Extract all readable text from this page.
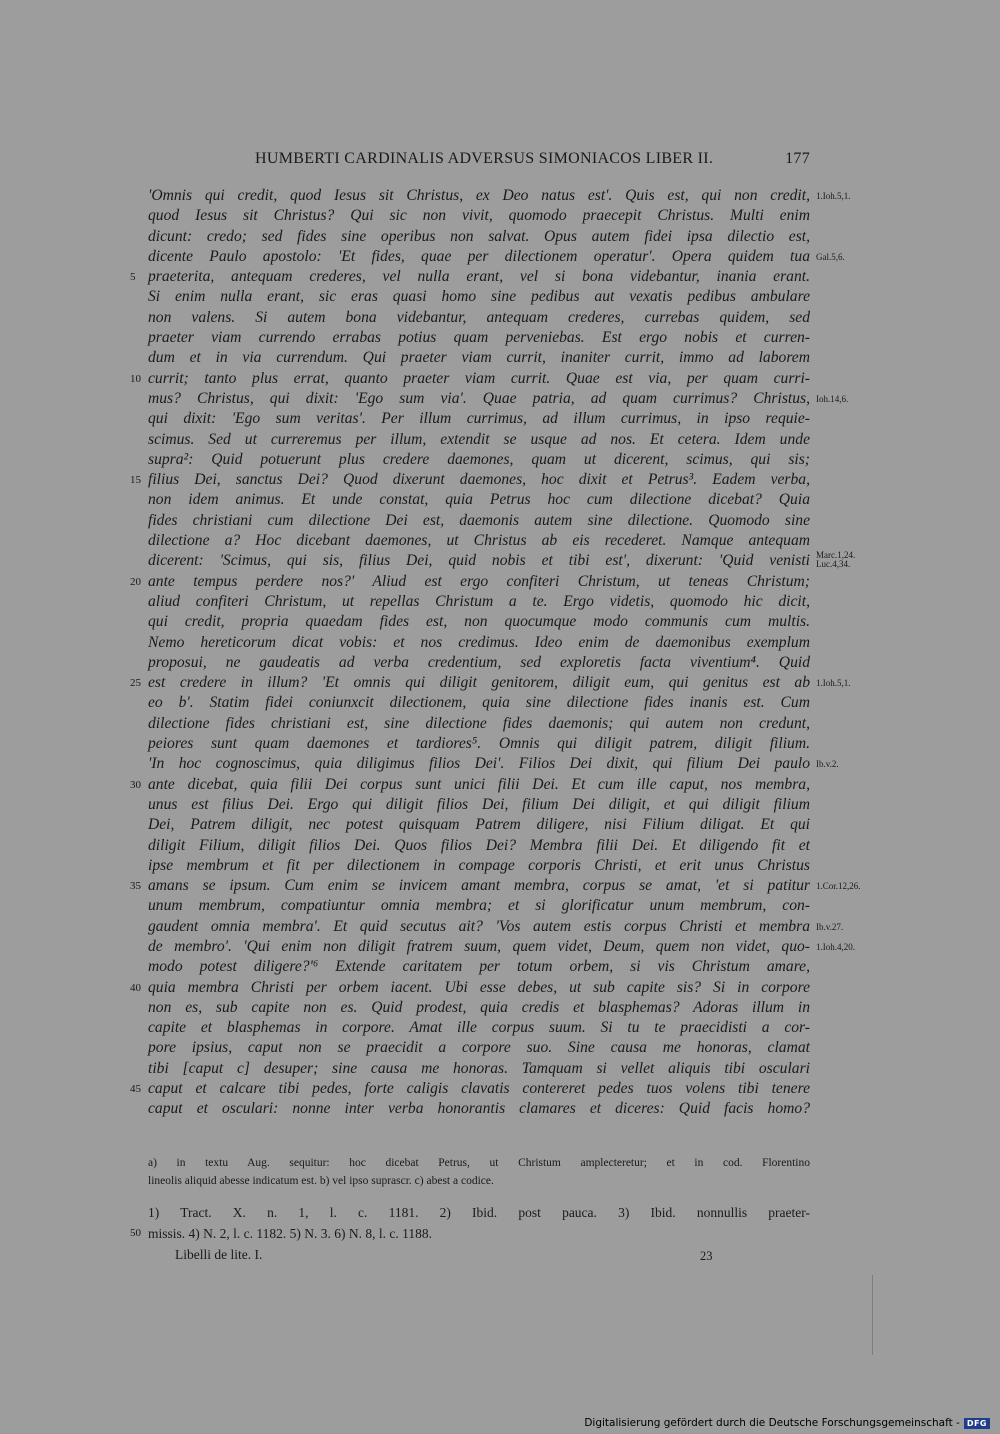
HUMBERTI CARDINALIS ADVERSUS SIMONIACOS LIBER II.	177
'Omnis qui credit, quod Iesus sit Christus, ex Deo natus est'. Quis est, qui non credit, 1.Ioh.5,1.
quod Iesus sit Christus? Qui sic non vivit, quomodo praecepit Christus. Multi enim
dicunt: credo; sed fides sine operibus non salvat. Opus autem fidei ipsa dilectio est,
dicente Paulo apostolo: 'Et fides, quae per dilectionem operatur'. Opera quidem tua Gal.5,6.
5 praeterita, antequam crederes, vel nulla erant, vel si bona videbantur, inania erant.
Si enim nulla erant, sic eras quasi homo sine pedibus aut vexatis pedibus ambulare
non valens. Si autem bona videbantur, antequam crederes, currebas quidem, sed
praeter viam currendo errabas potius quam perveniebas. Est ergo nobis et curren-
dum et in via currendum. Qui praeter viam currit, inaniter currit, immo ad laborem
10 currit; tanto plus errat, quanto praeter viam currit. Quae est via, per quam curri-
mus? Christus, qui dixit: 'Ego sum via'. Quae patria, ad quam currimus? Christus, Ioh.14,6.
qui dixit: 'Ego sum veritas'. Per illum currimus, ad illum currimus, in ipso requie-
scimus. Sed ut curreremus per illum, extendit se usque ad nos. Et cetera. Idem unde
supra²: Quid potuerunt plus credere daemones, quam ut dicerent, scimus, qui sis;
15 filius Dei, sanctus Dei? Quod dixerunt daemones, hoc dixit et Petrus³. Eadem verba,
non idem animus. Et unde constat, quia Petrus hoc cum dilectione dicebat? Quia
fides christiani cum dilectione Dei est, daemonis autem sine dilectione. Quomodo sine
dilectione a? Hoc dicebant daemones, ut Christus ab eis recederet. Namque antequam
dicerent: 'Scimus, qui sis, filius Dei, quid nobis et tibi est', dixerunt: 'Quid venisti Marc.1,24.
Luc.4,34.
20 ante tempus perdere nos?' Aliud est ergo confiteri Christum, ut teneas Christum;
aliud confiteri Christum, ut repellas Christum a te. Ergo videtis, quomodo hic dicit,
qui credit, propria quaedam fides est, non quocumque modo communis cum multis.
Nemo hereticorum dicat vobis: et nos credimus. Ideo enim de daemonibus exemplum
proposui, ne gaudeatis ad verba credentium, sed exploretis facta viventium⁴. Quid
25 est credere in illum? 'Et omnis qui diligit genitorem, diligit eum, qui genitus est ab 1.Ioh.5,1.
eo b'. Statim fidei coniunxcit dilectionem, quia sine dilectione fides inanis est. Cum
dilectione fides christiani est, sine dilectione fides daemonis; qui autem non credunt,
peiores sunt quam daemones et tardiores⁵. Omnis qui diligit patrem, diligit filium.
'In hoc cognoscimus, quia diligimus filios Dei'. Filios Dei dixit, qui filium Dei paulo Ib.v.2.
30 ante dicebat, quia filii Dei corpus sunt unici filii Dei. Et cum ille caput, nos membra,
unus est filius Dei. Ergo qui diligit filios Dei, filium Dei diligit, et qui diligit filium
Dei, Patrem diligit, nec potest quisquam Patrem diligere, nisi Filium diligat. Et qui
diligit Filium, diligit filios Dei. Quos filios Dei? Membra filii Dei. Et diligendo fit et
ipse membrum et fit per dilectionem in compage corporis Christi, et erit unus Christus
35 amans se ipsum. Cum enim se invicem amant membra, corpus se amat, 'et si patitur 1.Cor.12,26.
unum membrum, compatiuntur omnia membra; et si glorificatur unum membrum, con-
gaudent omnia membra'. Et quid secutus ait? 'Vos autem estis corpus Christi et membra Ib.v.27.
de membro'. 'Qui enim non diligit fratrem suum, quem videt, Deum, quem non videt, quo- 1.Ioh.4,20.
modo potest diligere?'⁶ Extende caritatem per totum orbem, si vis Christum amare,
40 quia membra Christi per orbem iacent. Ubi esse debes, ut sub capite sis? Si in corpore
non es, sub capite non es. Quid prodest, quia credis et blasphemas? Adoras illum in
capite et blasphemas in corpore. Amat ille corpus suum. Si tu te praecidisti a cor-
pore ipsius, caput non se praecidit a corpore suo. Sine causa me honoras, clamat
tibi [caput c] desuper; sine causa me honoras. Tamquam si vellet aliquis tibi osculari
45 caput et calcare tibi pedes, forte caligis clavatis contereret pedes tuos volens tibi tenere
caput et osculari: nonne inter verba honorantis clamares et diceres: Quid facis homo?
a) in textu Aug. sequitur: hoc dicebat Petrus, ut Christum amplecteretur; et in cod. Florentino
lineolis aliquid abesse indicatum est. b) vel ipso suprascr. c) abest a codice.
1) Tract. X. n. 1, l. c. 1181. 2) Ibid. post pauca. 3) Ibid. nonnullis praeter-
50 missis. 4) N. 2, l. c. 1182. 5) N. 3. 6) N. 8, l. c. 1188.
Libelli de lite. I.	23
Digitalisierung gefördert durch die Deutsche Forschungsgemeinschaft - DFG
